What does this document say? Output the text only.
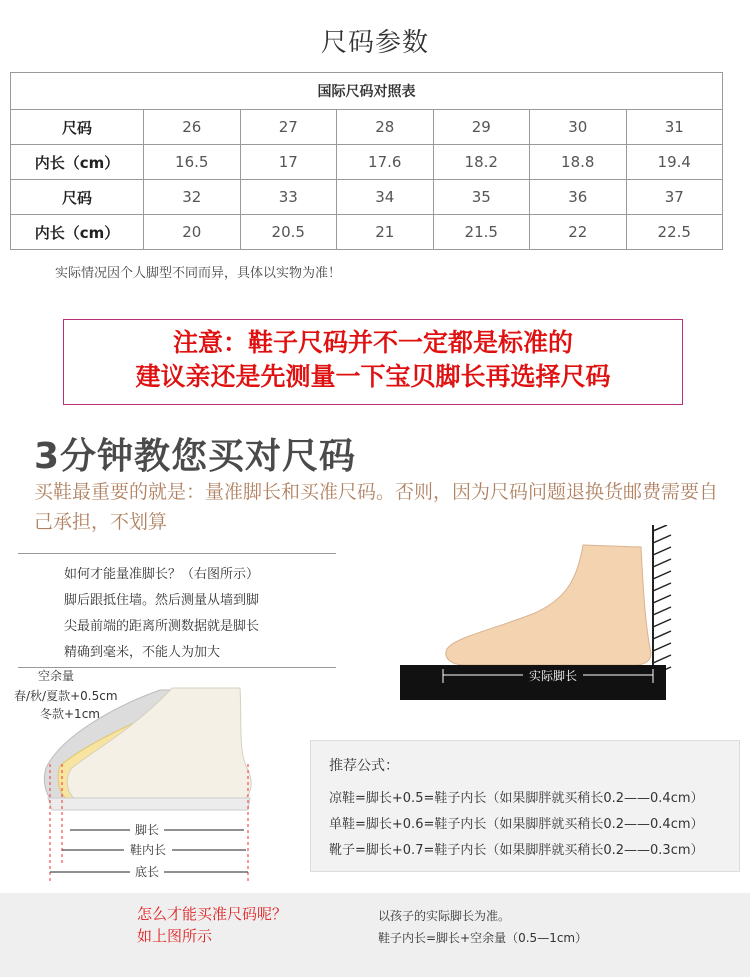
尺码参数
国际尺码对照表						
尺码	26	27	28	29	30	31
内长（cm）	16.5	17	17.6	18.2	18.8	19.4
尺码	32	33	34	35	36	37
内长（cm）	20	20.5	21	21.5	22	22.5
实际情况因个人脚型不同而异，具体以实物为准！
注意：鞋子尺码并不一定都是标准的
建议亲还是先测量一下宝贝脚长再选择尺码
3分钟教您买对尺码
买鞋最重要的就是：量准脚长和买准尺码。否则，因为尺码问题退换货邮费需要自己承担，不划算
如何才能量准脚长？（右图所示）
脚后跟抵住墙。然后测量从墙到脚
尖最前端的距离所测数据就是脚长
精确到毫米，不能人为加大
实际脚长
空余量
春/秋/夏款+0.5cm
冬款+1cm
脚长
鞋内长
底长
推荐公式：
凉鞋=脚长+0.5=鞋子内长（如果脚胖就买稍长0.2——0.4cm）
单鞋=脚长+0.6=鞋子内长（如果脚胖就买稍长0.2——0.4cm）
靴子=脚长+0.7=鞋子内长（如果脚胖就买稍长0.2——0.3cm）
怎么才能买准尺码呢？
如上图所示
以孩子的实际脚长为准。
鞋子内长=脚长+空余量（0.5—1cm）
